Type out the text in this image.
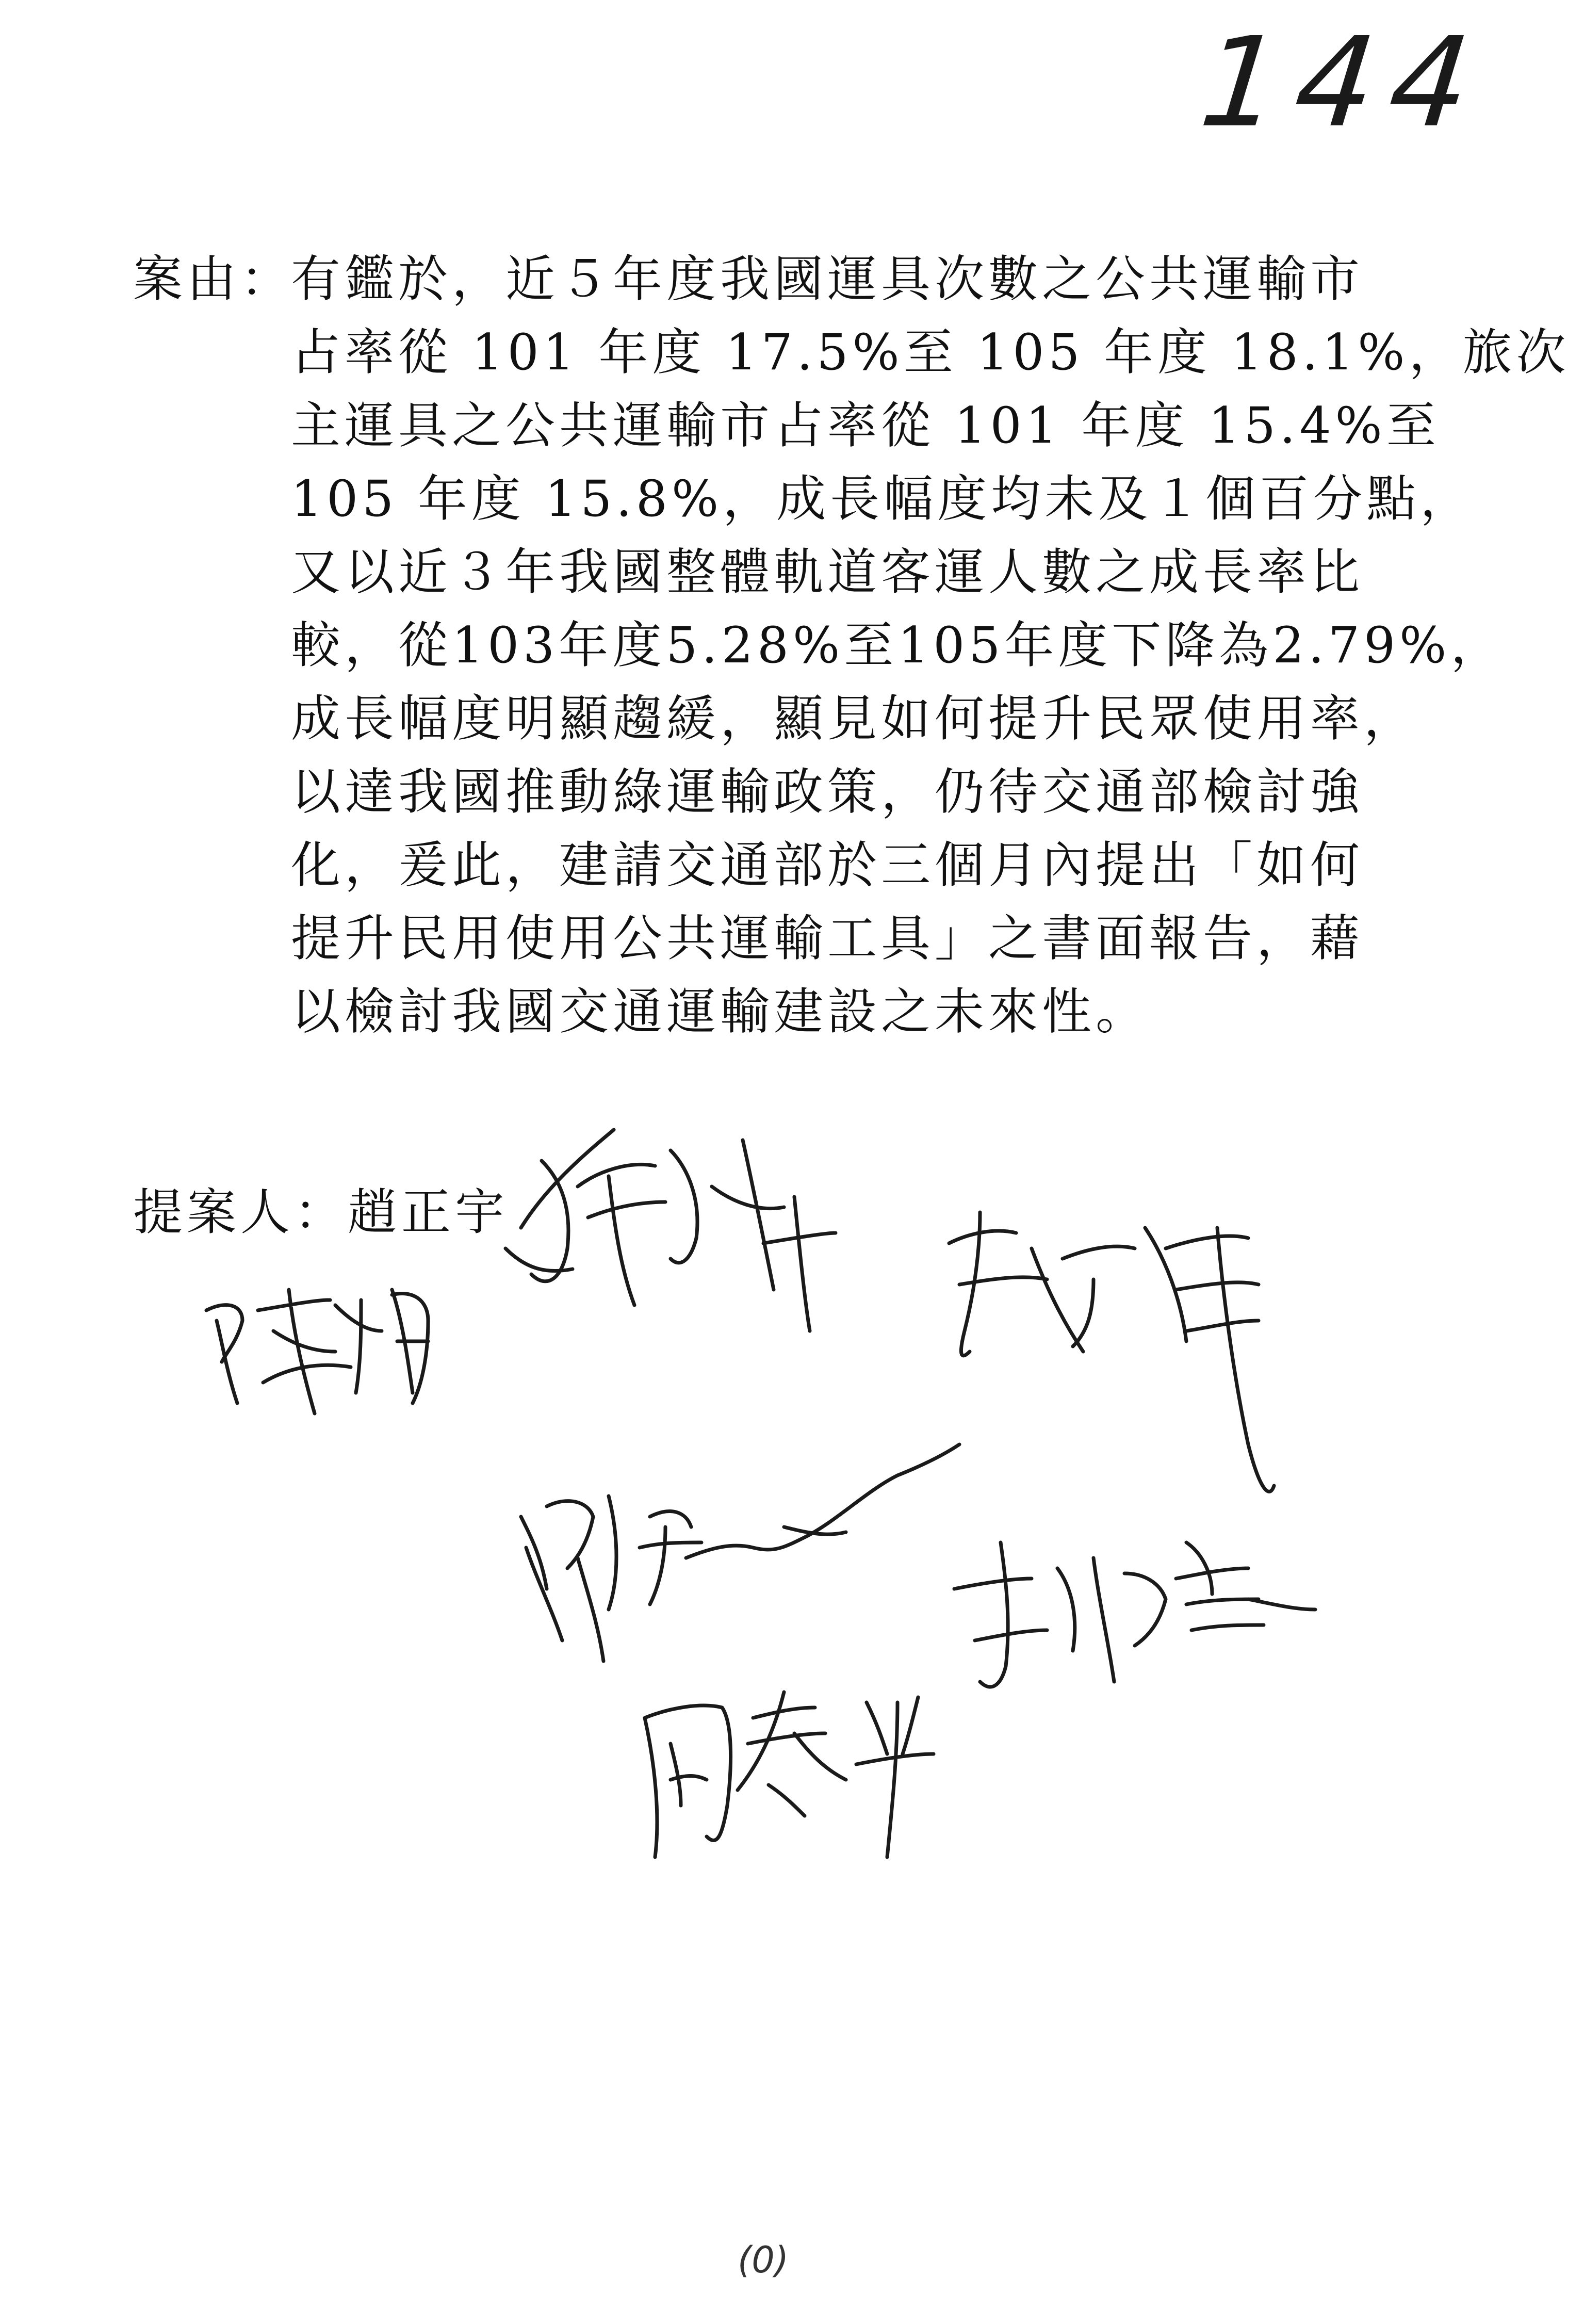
144
案由：
有鑑於，近５年度我國運具次數之公共運輸市
占率從 101 年度 17.5%至 105 年度 18.1%，旅次
主運具之公共運輸市占率從 101 年度 15.4%至
105 年度 15.8%，成長幅度均未及１個百分點，
又以近３年我國整體軌道客運人數之成長率比
較，從103年度5.28%至105年度下降為2.79%，
成長幅度明顯趨緩，顯見如何提升民眾使用率，
以達我國推動綠運輸政策，仍待交通部檢討強
化，爰此，建請交通部於三個月內提出「如何
提升民用使用公共運輸工具」之書面報告，藉
以檢討我國交通運輸建設之未來性。
提案人：趙正宇
(0)
